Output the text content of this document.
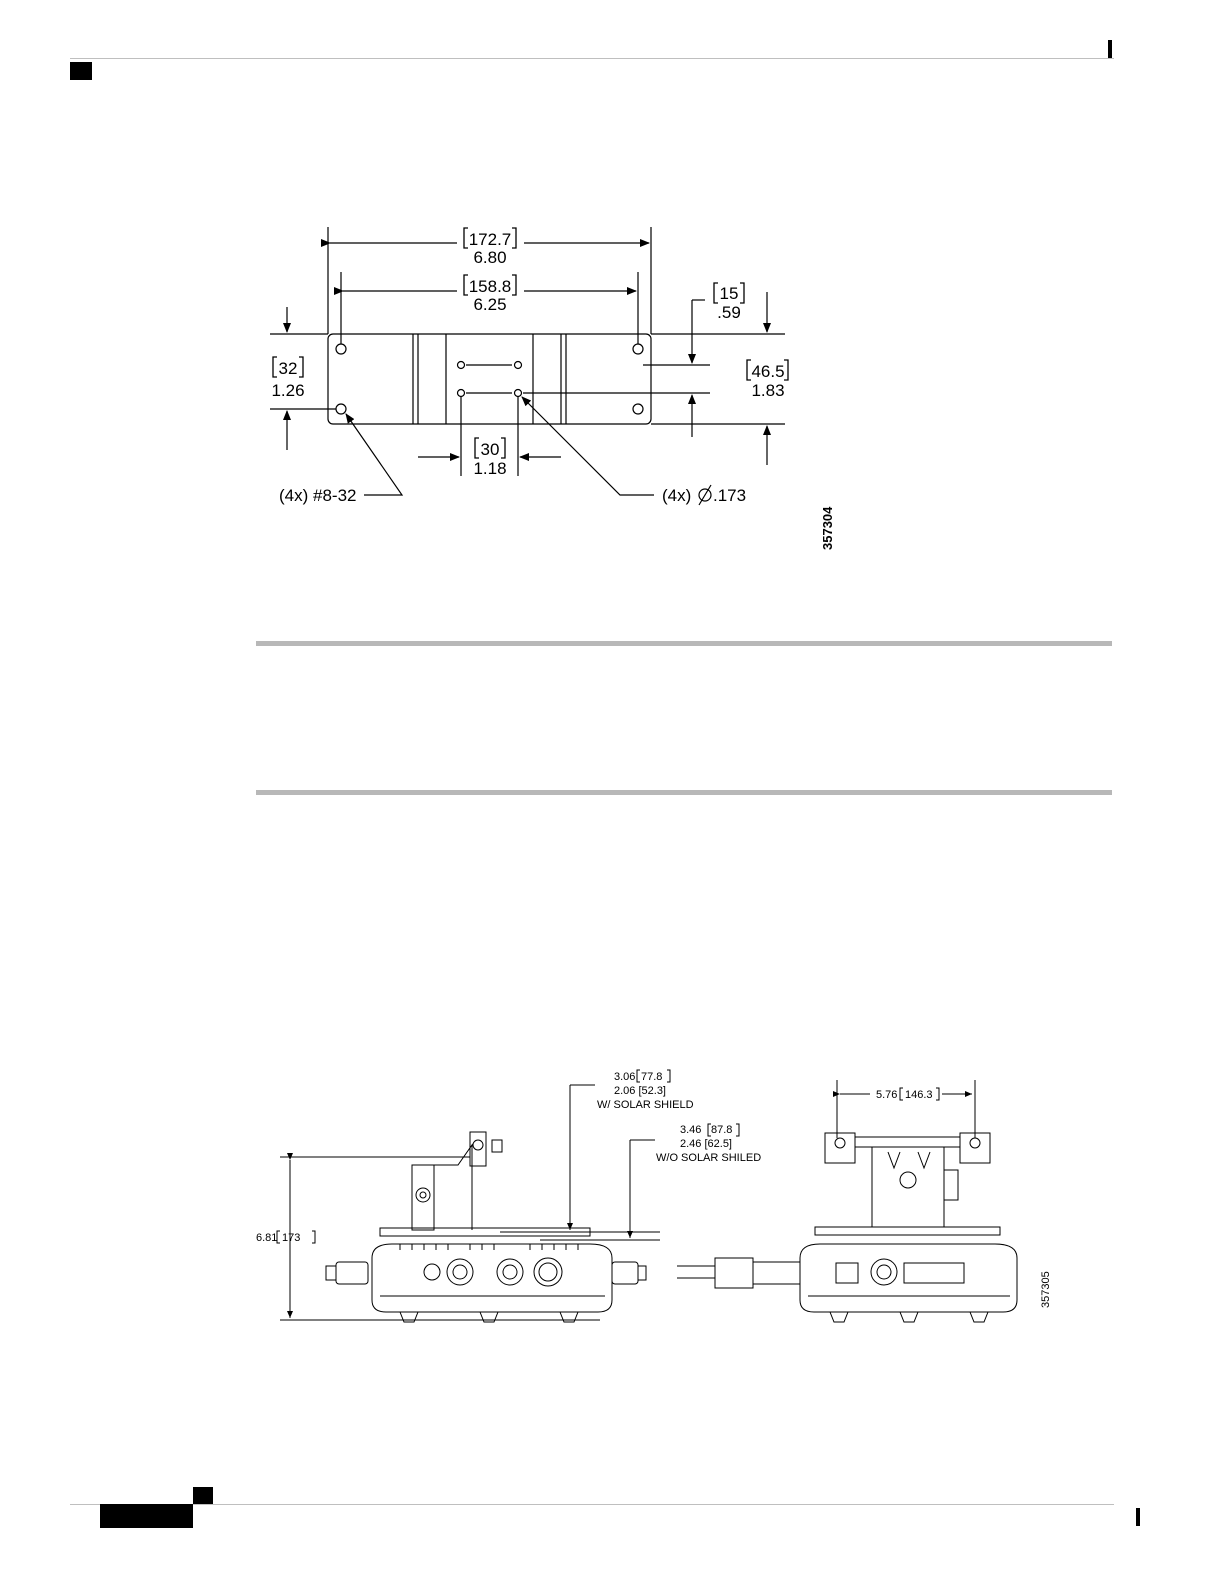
172.7
6.80
158.8
6.25
15
.59
32
1.26
46.5
1.83
30
1.18
(4x) #8-32	(4x) .173
357304
3.06 77.8
2.06 [52.3]
W/ SOLAR SHIELD
3.46 87.8
2.46 [62.5]
W/O SOLAR SHILED
6.81 173
5.76 146.3
357305
